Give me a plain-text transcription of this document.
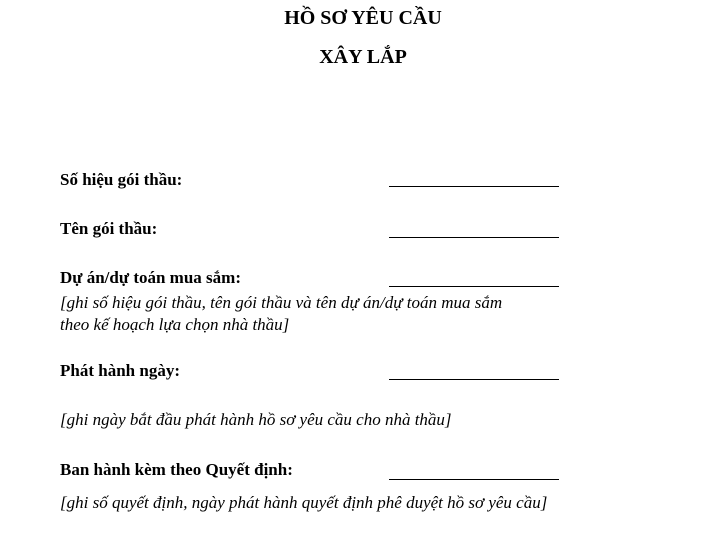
HỒ SƠ YÊU CẦU
XÂY LẮP
Số hiệu gói thầu:
Tên gói thầu:
Dự án/dự toán mua sắm:
[ghi số hiệu gói thầu, tên gói thầu và tên dự án/dự toán mua sắm
theo kế hoạch lựa chọn nhà thầu]
Phát hành ngày:
[ghi ngày bắt đầu phát hành hồ sơ yêu cầu cho nhà thầu]
Ban hành kèm theo Quyết định:
[ghi số quyết định, ngày phát hành quyết định phê duyệt hồ sơ yêu cầu]
